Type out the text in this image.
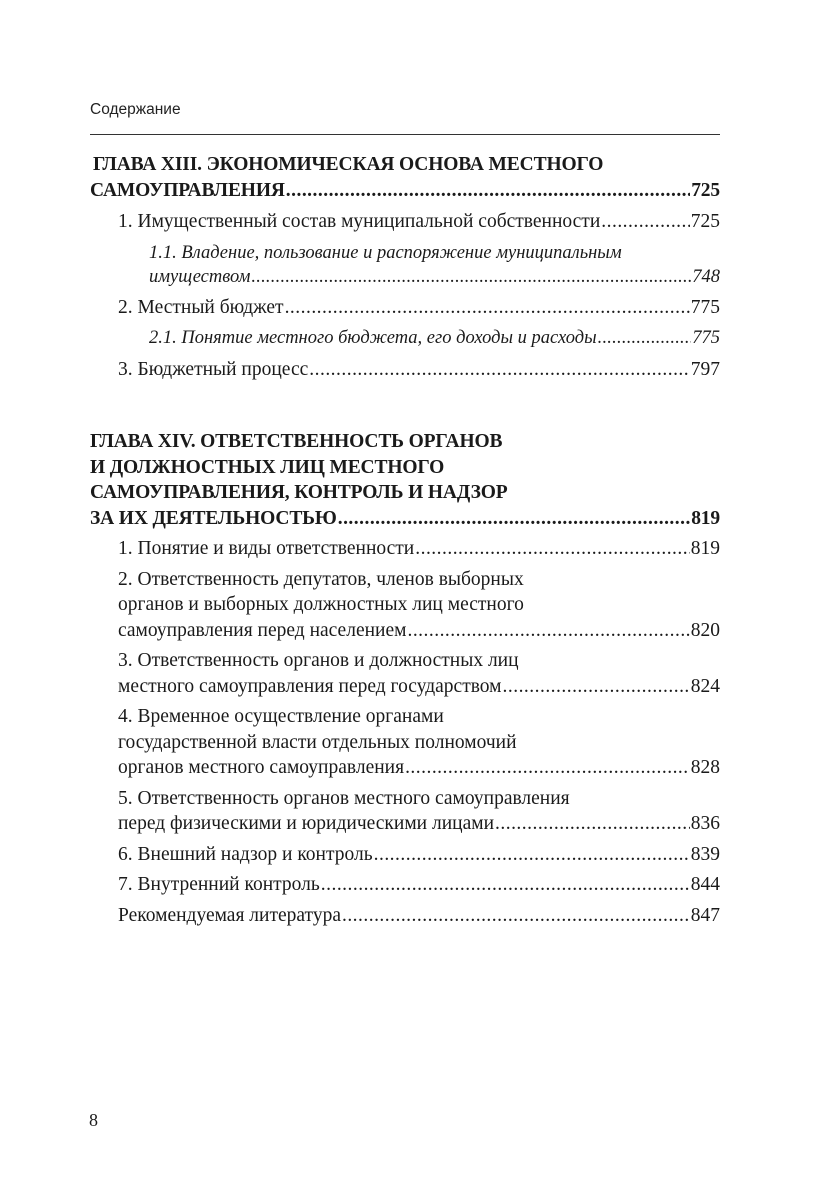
Содержание
ГЛАВА XIII. ЭКОНОМИЧЕСКАЯ ОСНОВА МЕСТНОГО
САМОУПРАВЛЕНИЯ . . .	725
1. Имущественный состав муниципальной собственности . . .	725
1.1. Владение, пользование и распоряжение муниципальным
имуществом . . .	748
2. Местный бюджет . . .	775
2.1. Понятие местного бюджета, его доходы и расходы . . .	775
3. Бюджетный процесс . . .	797
ГЛАВА XIV. ОТВЕТСТВЕННОСТЬ ОРГАНОВ
И ДОЛЖНОСТНЫХ ЛИЦ МЕСТНОГО
САМОУПРАВЛЕНИЯ, КОНТРОЛЬ И НАДЗОР
ЗА ИХ ДЕЯТЕЛЬНОСТЬЮ . . .	819
1. Понятие и виды ответственности . . .	819
2. Ответственность депутатов, членов выборных
органов и выборных должностных лиц местного
самоуправления перед населением . . .	820
3. Ответственность органов и должностных лиц
местного самоуправления перед государством . . .	824
4. Временное осуществление органами
государственной власти отдельных полномочий
органов местного самоуправления . . .	828
5. Ответственность органов местного самоуправления
перед физическими и юридическими лицами . . .	836
6. Внешний надзор и контроль . . .	839
7. Внутренний контроль . . .	844
Рекомендуемая литература . . .	847
8
